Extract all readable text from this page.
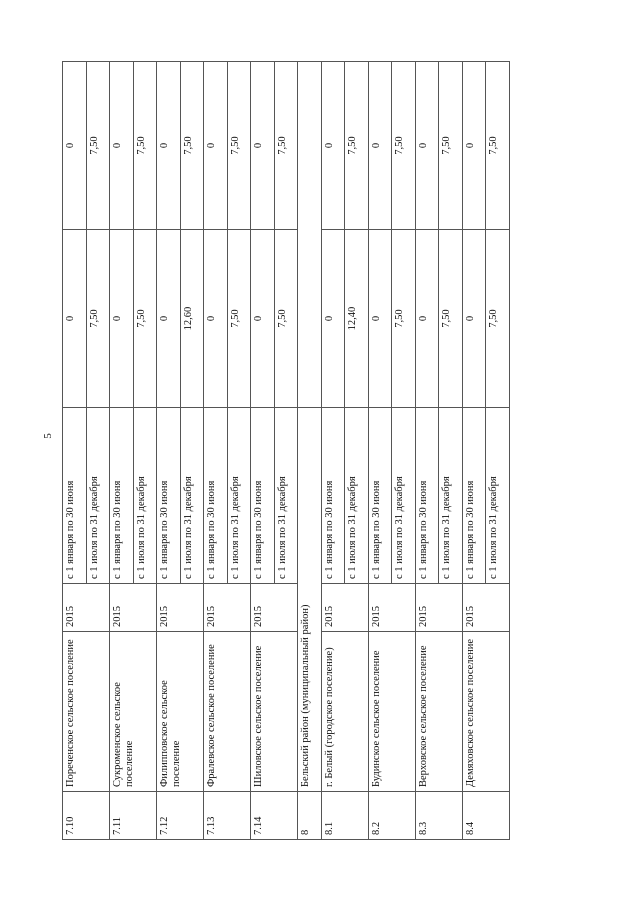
5
7.10	Пореченское сельское поселение	2015	с 1 января по 30 июня	0	0
			с 1 июля по 31 декабря	7,50	7,50
7.11	Сукроменское сельское поселение	2015	с 1 января по 30 июня	0	0
			с 1 июля по 31 декабря	7,50	7,50
7.12	Филипповское сельское поселение	2015	с 1 января по 30 июня	0	0
			с 1 июля по 31 декабря	12,60	7,50
7.13	Фралевское сельское поселение	2015	с 1 января по 30 июня	0	0
			с 1 июля по 31 декабря	7,50	7,50
7.14	Шиловское сельское поселение	2015	с 1 января по 30 июня	0	0
			с 1 июля по 31 декабря	7,50	7,50
8	Бельский район (муниципальный район)				
8.1	г. Белый (городское поселение)	2015	с 1 января по 30 июня	0	0
			с 1 июля по 31 декабря	12,40	7,50
8.2	Будинское сельское поселение	2015	с 1 января по 30 июня	0	0
			с 1 июля по 31 декабря	7,50	7,50
8.3	Верховское сельское поселение	2015	с 1 января по 30 июня	0	0
			с 1 июля по 31 декабря	7,50	7,50
8.4	Демяховское сельское поселение	2015	с 1 января по 30 июня	0	0
			с 1 июля по 31 декабря	7,50	7,50
